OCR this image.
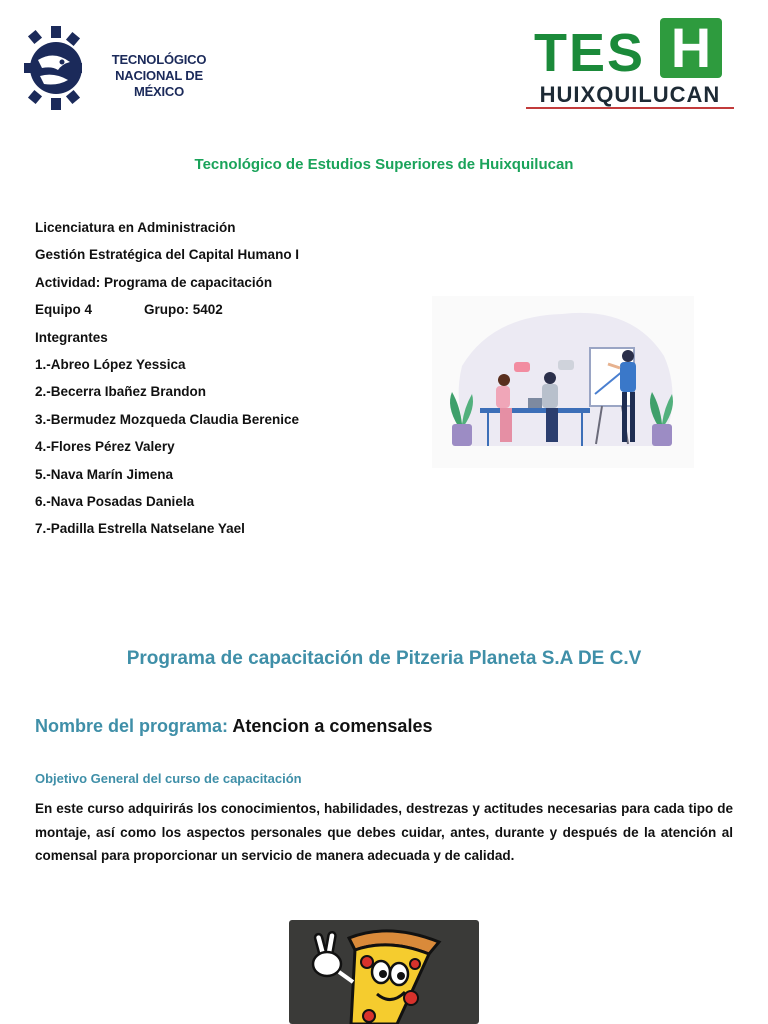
TECNOLÓGICO
NACIONAL DE MÉXICO
TES H
HUIXQUILUCAN
Tecnológico de Estudios Superiores de Huixquilucan
Licenciatura en Administración
Gestión Estratégica del Capital Humano I
Actividad: Programa de capacitación
Equipo 4	Grupo: 5402
Integrantes
1.-Abreo López Yessica
2.-Becerra Ibañez Brandon
3.-Bermudez Mozqueda Claudia Berenice
4.-Flores Pérez Valery
5.-Nava Marín Jimena
6.-Nava Posadas Daniela
7.-Padilla Estrella Natselane Yael
Programa de capacitación de Pitzeria Planeta S.A DE C.V
Nombre del programa: Atencion a comensales
Objetivo General del curso de capacitación
En este curso adquirirás los conocimientos, habilidades, destrezas y actitudes necesarias para cada tipo de montaje, así como los aspectos personales que debes cuidar, antes, durante y después de la atención al comensal para proporcionar un servicio de manera adecuada y de calidad.
